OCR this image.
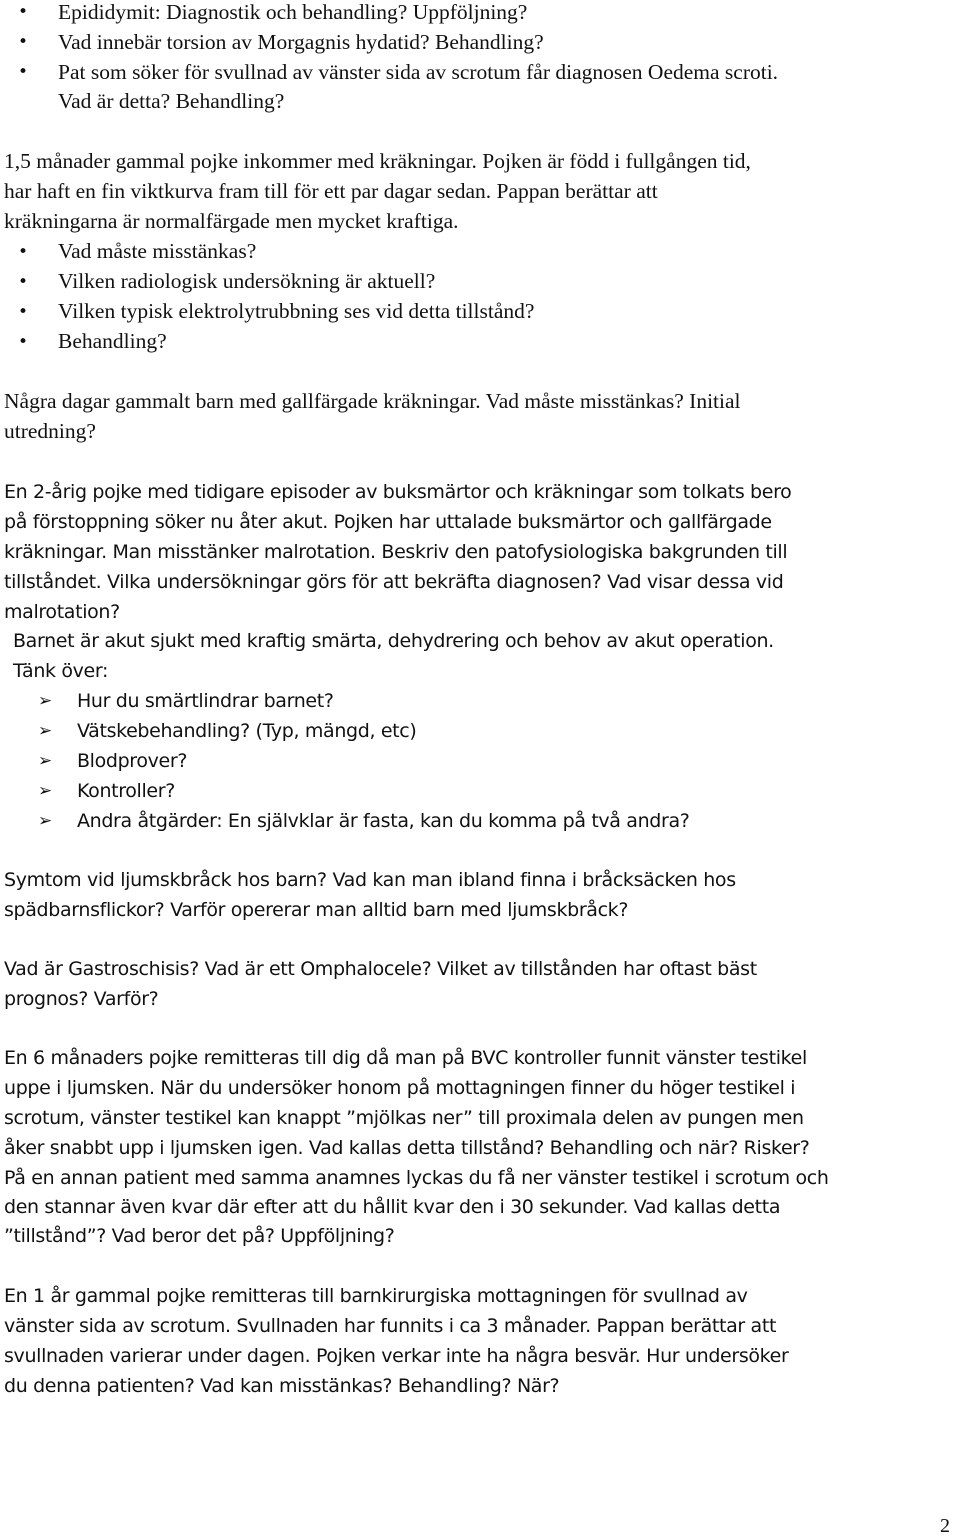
• Epididymit: Diagnostik och behandling? Uppföljning?
• Vad innebär torsion av Morgagnis hydatid? Behandling?
• Pat som söker för svullnad av vänster sida av scrotum får diagnosen Oedema scroti.
Vad är detta? Behandling?
1,5 månader gammal pojke inkommer med kräkningar. Pojken är född i fullgången tid,
har haft en fin viktkurva fram till för ett par dagar sedan. Pappan berättar att
kräkningarna är normalfärgade men mycket kraftiga.
• Vad måste misstänkas?
• Vilken radiologisk undersökning är aktuell?
• Vilken typisk elektrolytrubbning ses vid detta tillstånd?
• Behandling?
Några dagar gammalt barn med gallfärgade kräkningar. Vad måste misstänkas? Initial
utredning?
En 2-årig pojke med tidigare episoder av buksmärtor och kräkningar som tolkats bero
på förstoppning söker nu åter akut. Pojken har uttalade buksmärtor och gallfärgade
kräkningar. Man misstänker malrotation. Beskriv den patofysiologiska bakgrunden till
tillståndet. Vilka undersökningar görs för att bekräfta diagnosen? Vad visar dessa vid
malrotation?
Barnet är akut sjukt med kraftig smärta, dehydrering och behov av akut operation.
Tänk över:
➢ Hur du smärtlindrar barnet?
➢ Vätskebehandling? (Typ, mängd, etc)
➢ Blodprover?
➢ Kontroller?
➢ Andra åtgärder: En självklar är fasta, kan du komma på två andra?
Symtom vid ljumskbråck hos barn? Vad kan man ibland finna i bråcksäcken hos
spädbarnsflickor? Varför opererar man alltid barn med ljumskbråck?
Vad är Gastroschisis? Vad är ett Omphalocele? Vilket av tillstånden har oftast bäst
prognos? Varför?
En 6 månaders pojke remitteras till dig då man på BVC kontroller funnit vänster testikel
uppe i ljumsken. När du undersöker honom på mottagningen finner du höger testikel i
scrotum, vänster testikel kan knappt ”mjölkas ner” till proximala delen av pungen men
åker snabbt upp i ljumsken igen. Vad kallas detta tillstånd? Behandling och när? Risker?
På en annan patient med samma anamnes lyckas du få ner vänster testikel i scrotum och
den stannar även kvar där efter att du hållit kvar den i 30 sekunder. Vad kallas detta
”tillstånd”? Vad beror det på? Uppföljning?
En 1 år gammal pojke remitteras till barnkirurgiska mottagningen för svullnad av
vänster sida av scrotum. Svullnaden har funnits i ca 3 månader. Pappan berättar att
svullnaden varierar under dagen. Pojken verkar inte ha några besvär. Hur undersöker
du denna patienten? Vad kan misstänkas? Behandling? När?
2
